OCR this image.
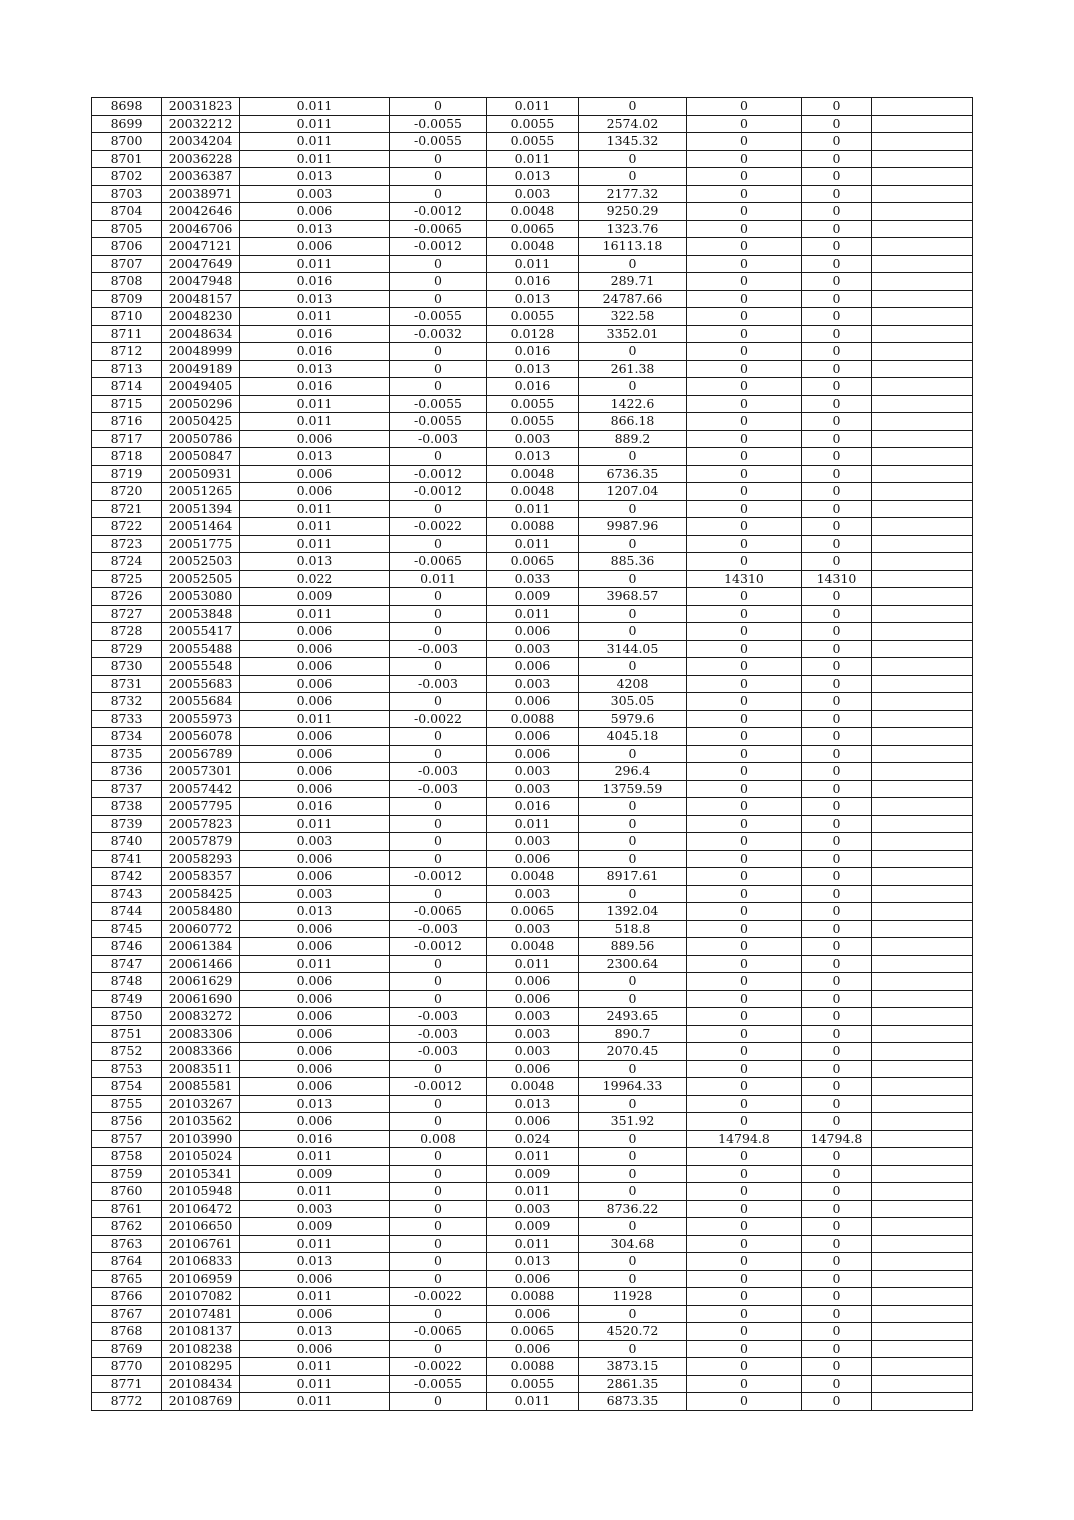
8698	20031823	0.011	0	0.011	0	0	0	
8699	20032212	0.011	-0.0055	0.0055	2574.02	0	0	
8700	20034204	0.011	-0.0055	0.0055	1345.32	0	0	
8701	20036228	0.011	0	0.011	0	0	0	
8702	20036387	0.013	0	0.013	0	0	0	
8703	20038971	0.003	0	0.003	2177.32	0	0	
8704	20042646	0.006	-0.0012	0.0048	9250.29	0	0	
8705	20046706	0.013	-0.0065	0.0065	1323.76	0	0	
8706	20047121	0.006	-0.0012	0.0048	16113.18	0	0	
8707	20047649	0.011	0	0.011	0	0	0	
8708	20047948	0.016	0	0.016	289.71	0	0	
8709	20048157	0.013	0	0.013	24787.66	0	0	
8710	20048230	0.011	-0.0055	0.0055	322.58	0	0	
8711	20048634	0.016	-0.0032	0.0128	3352.01	0	0	
8712	20048999	0.016	0	0.016	0	0	0	
8713	20049189	0.013	0	0.013	261.38	0	0	
8714	20049405	0.016	0	0.016	0	0	0	
8715	20050296	0.011	-0.0055	0.0055	1422.6	0	0	
8716	20050425	0.011	-0.0055	0.0055	866.18	0	0	
8717	20050786	0.006	-0.003	0.003	889.2	0	0	
8718	20050847	0.013	0	0.013	0	0	0	
8719	20050931	0.006	-0.0012	0.0048	6736.35	0	0	
8720	20051265	0.006	-0.0012	0.0048	1207.04	0	0	
8721	20051394	0.011	0	0.011	0	0	0	
8722	20051464	0.011	-0.0022	0.0088	9987.96	0	0	
8723	20051775	0.011	0	0.011	0	0	0	
8724	20052503	0.013	-0.0065	0.0065	885.36	0	0	
8725	20052505	0.022	0.011	0.033	0	14310	14310	
8726	20053080	0.009	0	0.009	3968.57	0	0	
8727	20053848	0.011	0	0.011	0	0	0	
8728	20055417	0.006	0	0.006	0	0	0	
8729	20055488	0.006	-0.003	0.003	3144.05	0	0	
8730	20055548	0.006	0	0.006	0	0	0	
8731	20055683	0.006	-0.003	0.003	4208	0	0	
8732	20055684	0.006	0	0.006	305.05	0	0	
8733	20055973	0.011	-0.0022	0.0088	5979.6	0	0	
8734	20056078	0.006	0	0.006	4045.18	0	0	
8735	20056789	0.006	0	0.006	0	0	0	
8736	20057301	0.006	-0.003	0.003	296.4	0	0	
8737	20057442	0.006	-0.003	0.003	13759.59	0	0	
8738	20057795	0.016	0	0.016	0	0	0	
8739	20057823	0.011	0	0.011	0	0	0	
8740	20057879	0.003	0	0.003	0	0	0	
8741	20058293	0.006	0	0.006	0	0	0	
8742	20058357	0.006	-0.0012	0.0048	8917.61	0	0	
8743	20058425	0.003	0	0.003	0	0	0	
8744	20058480	0.013	-0.0065	0.0065	1392.04	0	0	
8745	20060772	0.006	-0.003	0.003	518.8	0	0	
8746	20061384	0.006	-0.0012	0.0048	889.56	0	0	
8747	20061466	0.011	0	0.011	2300.64	0	0	
8748	20061629	0.006	0	0.006	0	0	0	
8749	20061690	0.006	0	0.006	0	0	0	
8750	20083272	0.006	-0.003	0.003	2493.65	0	0	
8751	20083306	0.006	-0.003	0.003	890.7	0	0	
8752	20083366	0.006	-0.003	0.003	2070.45	0	0	
8753	20083511	0.006	0	0.006	0	0	0	
8754	20085581	0.006	-0.0012	0.0048	19964.33	0	0	
8755	20103267	0.013	0	0.013	0	0	0	
8756	20103562	0.006	0	0.006	351.92	0	0	
8757	20103990	0.016	0.008	0.024	0	14794.8	14794.8	
8758	20105024	0.011	0	0.011	0	0	0	
8759	20105341	0.009	0	0.009	0	0	0	
8760	20105948	0.011	0	0.011	0	0	0	
8761	20106472	0.003	0	0.003	8736.22	0	0	
8762	20106650	0.009	0	0.009	0	0	0	
8763	20106761	0.011	0	0.011	304.68	0	0	
8764	20106833	0.013	0	0.013	0	0	0	
8765	20106959	0.006	0	0.006	0	0	0	
8766	20107082	0.011	-0.0022	0.0088	11928	0	0	
8767	20107481	0.006	0	0.006	0	0	0	
8768	20108137	0.013	-0.0065	0.0065	4520.72	0	0	
8769	20108238	0.006	0	0.006	0	0	0	
8770	20108295	0.011	-0.0022	0.0088	3873.15	0	0	
8771	20108434	0.011	-0.0055	0.0055	2861.35	0	0	
8772	20108769	0.011	0	0.011	6873.35	0	0	
